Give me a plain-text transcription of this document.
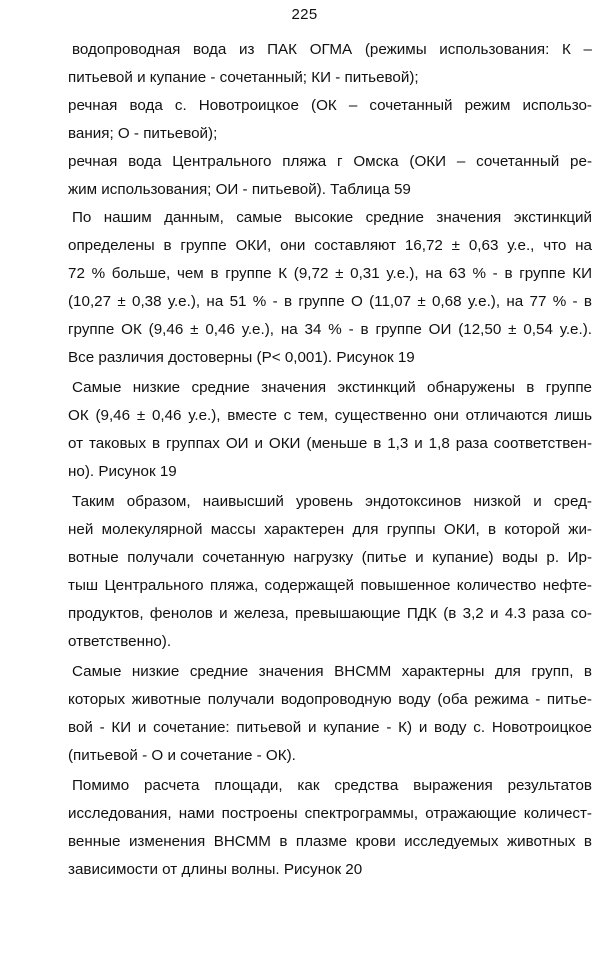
225
водопроводная вода из ПАК ОГМА (режимы использования: К –
питьевой и купание - сочетанный; КИ - питьевой);
речная вода с. Новотроицкое (ОК – сочетанный режим использо-
вания; О - питьевой);
речная вода Центрального пляжа г Омска (ОКИ – сочетанный ре-
жим использования; ОИ - питьевой). Таблица 59
По нашим данным, самые высокие средние значения экстинкций
определены в группе ОКИ, они составляют 16,72 ± 0,63 у.е., что на
72 % больше, чем в группе К (9,72 ± 0,31 у.е.), на 63 % - в группе КИ
(10,27 ± 0,38 у.е.), на 51 % - в группе О (11,07 ± 0,68 у.е.), на 77 % - в
группе ОК (9,46 ± 0,46 у.е.), на 34 % - в группе ОИ (12,50 ± 0,54 у.е.).
Все различия достоверны (Р< 0,001). Рисунок 19
Самые низкие средние значения экстинкций обнаружены в группе
ОК (9,46 ± 0,46 у.е.), вместе с тем, существенно они отличаются лишь
от таковых в группах ОИ и ОКИ (меньше в 1,3 и 1,8 раза соответствен-
но). Рисунок 19
Таким образом, наивысший уровень эндотоксинов низкой и сред-
ней молекулярной массы характерен для группы ОКИ, в которой жи-
вотные получали сочетанную нагрузку (питье и купание) воды р. Ир-
тыш Центрального пляжа, содержащей повышенное количество нефте-
продуктов, фенолов и железа, превышающие ПДК (в 3,2 и 4.3 раза со-
ответственно).
Самые низкие средние значения ВНСММ характерны для групп, в
которых животные получали водопроводную воду (оба режима - питье-
вой - КИ и сочетание: питьевой и купание - К) и воду с. Новотроицкое
(питьевой - О и сочетание - ОК).
Помимо расчета площади, как средства выражения результатов
исследования, нами построены спектрограммы, отражающие количест-
венные изменения ВНСММ в плазме крови исследуемых животных в
зависимости от длины волны. Рисунок 20
